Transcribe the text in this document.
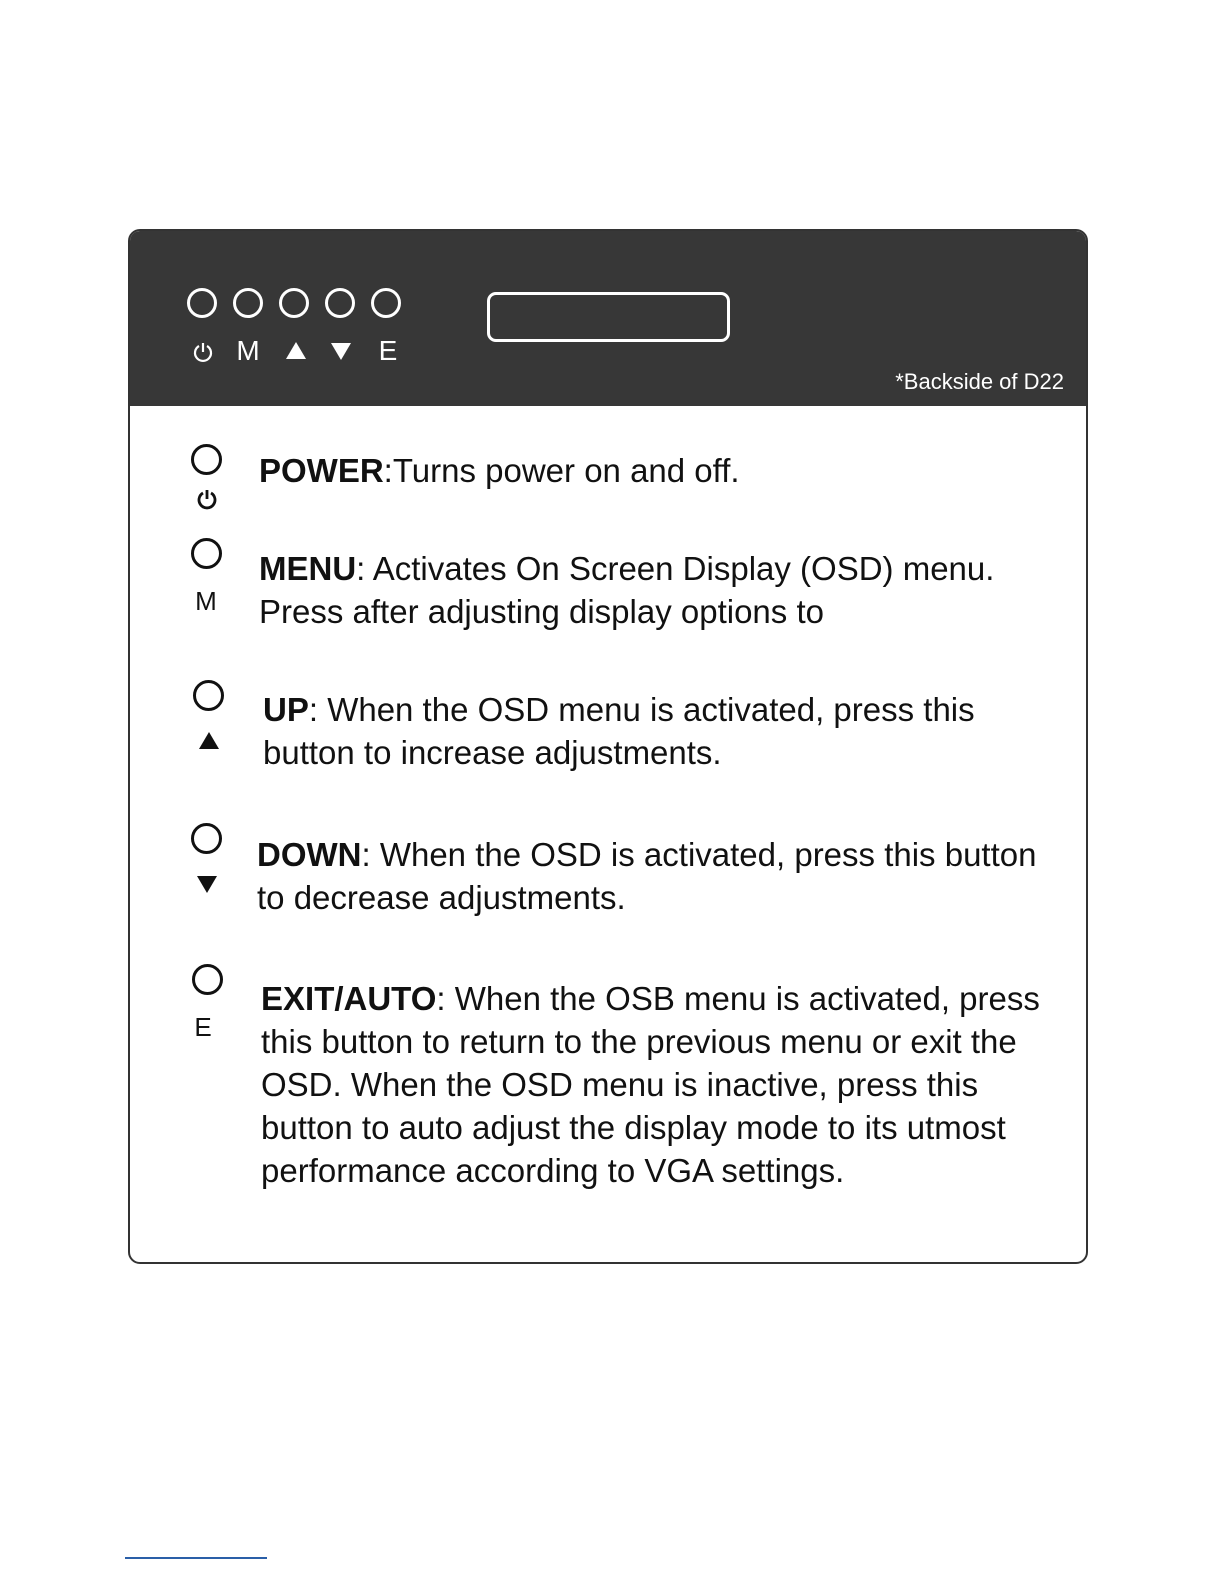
M	E
*Backside of D22
POWER:Turns power on and off.
M
MENU: Activates On Screen Display (OSD) menu. Press after adjusting display options to
UP: When the OSD menu is activated, press this button to increase adjustments.
DOWN: When the OSD is activated, press this button to decrease adjustments.
E
EXIT/AUTO: When the OSB menu is activated, press this button to return to the previous menu or exit the OSD. When the OSD menu is inactive, press this button to auto adjust the display mode to its utmost performance according to VGA settings.
